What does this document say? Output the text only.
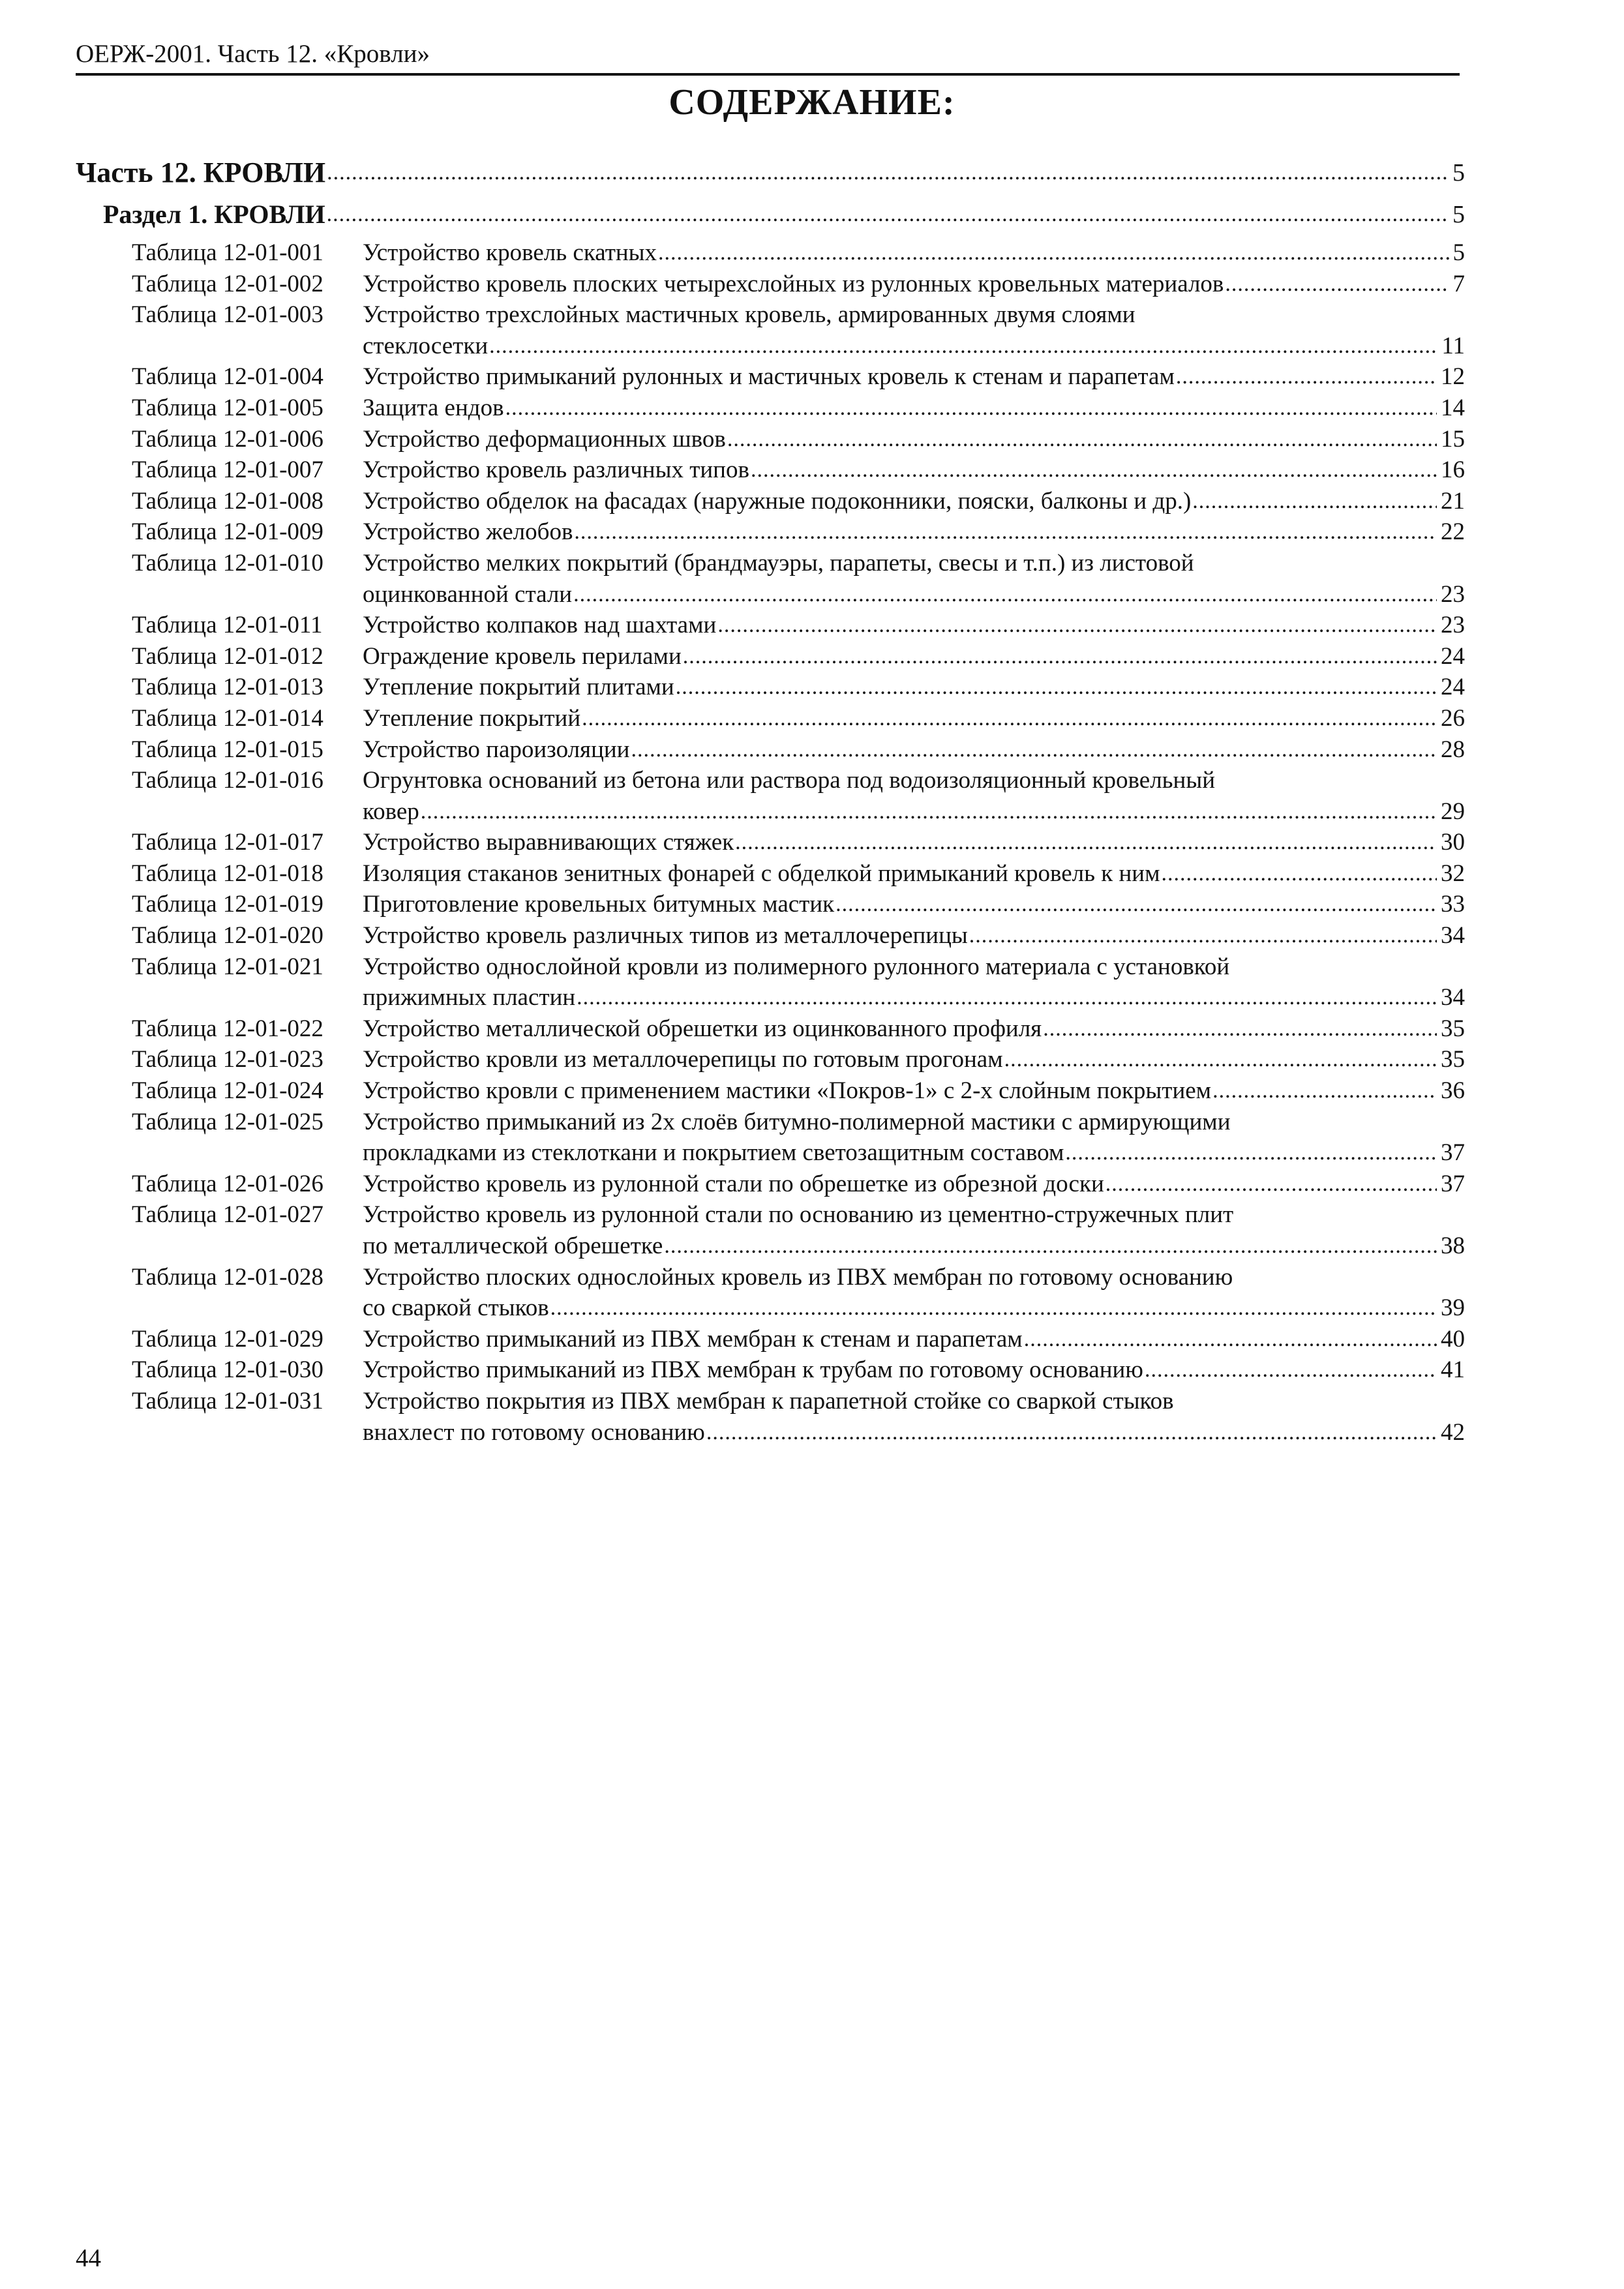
ОЕРЖ-2001. Часть 12. «Кровли»
СОДЕРЖАНИЕ:
Часть 12. КРОВЛИ .....	5
Раздел 1. КРОВЛИ .....	5
Таблица 12-01-001	Устройство кровель скатных .....	5
Таблица 12-01-002	Устройство кровель плоских четырехслойных из рулонных кровельных материалов .....	7
Таблица 12-01-003	Устройство трехслойных мастичных кровель, армированных двумя слоями
стеклосетки .....	11
Таблица 12-01-004	Устройство примыканий рулонных и мастичных кровель к стенам и парапетам .....	12
Таблица 12-01-005	Защита ендов .....	14
Таблица 12-01-006	Устройство деформационных швов .....	15
Таблица 12-01-007	Устройство кровель различных типов .....	16
Таблица 12-01-008	Устройство обделок на фасадах (наружные подоконники, пояски, балконы и др.) .....	21
Таблица 12-01-009	Устройство желобов .....	22
Таблица 12-01-010	Устройство мелких покрытий (брандмауэры, парапеты, свесы и т.п.) из листовой
оцинкованной стали .....	23
Таблица 12-01-011	Устройство колпаков над шахтами .....	23
Таблица 12-01-012	Ограждение кровель перилами .....	24
Таблица 12-01-013	Утепление покрытий плитами .....	24
Таблица 12-01-014	Утепление покрытий .....	26
Таблица 12-01-015	Устройство пароизоляции .....	28
Таблица 12-01-016	Огрунтовка оснований из бетона или раствора под водоизоляционный кровельный
ковер .....	29
Таблица 12-01-017	Устройство выравнивающих стяжек .....	30
Таблица 12-01-018	Изоляция стаканов зенитных фонарей с обделкой примыканий кровель к ним .....	32
Таблица 12-01-019	Приготовление кровельных битумных мастик .....	33
Таблица 12-01-020	Устройство кровель различных типов из металлочерепицы .....	34
Таблица 12-01-021	Устройство однослойной кровли из полимерного рулонного материала с установкой
прижимных пластин .....	34
Таблица 12-01-022	Устройство металлической обрешетки из оцинкованного профиля .....	35
Таблица 12-01-023	Устройство кровли из металлочерепицы по готовым прогонам .....	35
Таблица 12-01-024	Устройство кровли с применением мастики «Покров-1» с 2-х слойным покрытием .....	36
Таблица 12-01-025	Устройство примыканий из 2х слоёв битумно-полимерной мастики с армирующими
прокладками из стеклоткани и покрытием светозащитным составом .....	37
Таблица 12-01-026	Устройство кровель из рулонной стали по обрешетке из обрезной доски .....	37
Таблица 12-01-027	Устройство кровель из рулонной стали по основанию из цементно-стружечных плит
по металлической обрешетке .....	38
Таблица 12-01-028	Устройство плоских однослойных кровель из ПВХ мембран по готовому основанию
со сваркой стыков .....	39
Таблица 12-01-029	Устройство примыканий из ПВХ мембран к стенам и парапетам .....	40
Таблица 12-01-030	Устройство примыканий из ПВХ мембран к трубам по готовому основанию .....	41
Таблица 12-01-031	Устройство покрытия из ПВХ мембран к парапетной стойке со сваркой стыков
внахлест по готовому основанию .....	42
44
